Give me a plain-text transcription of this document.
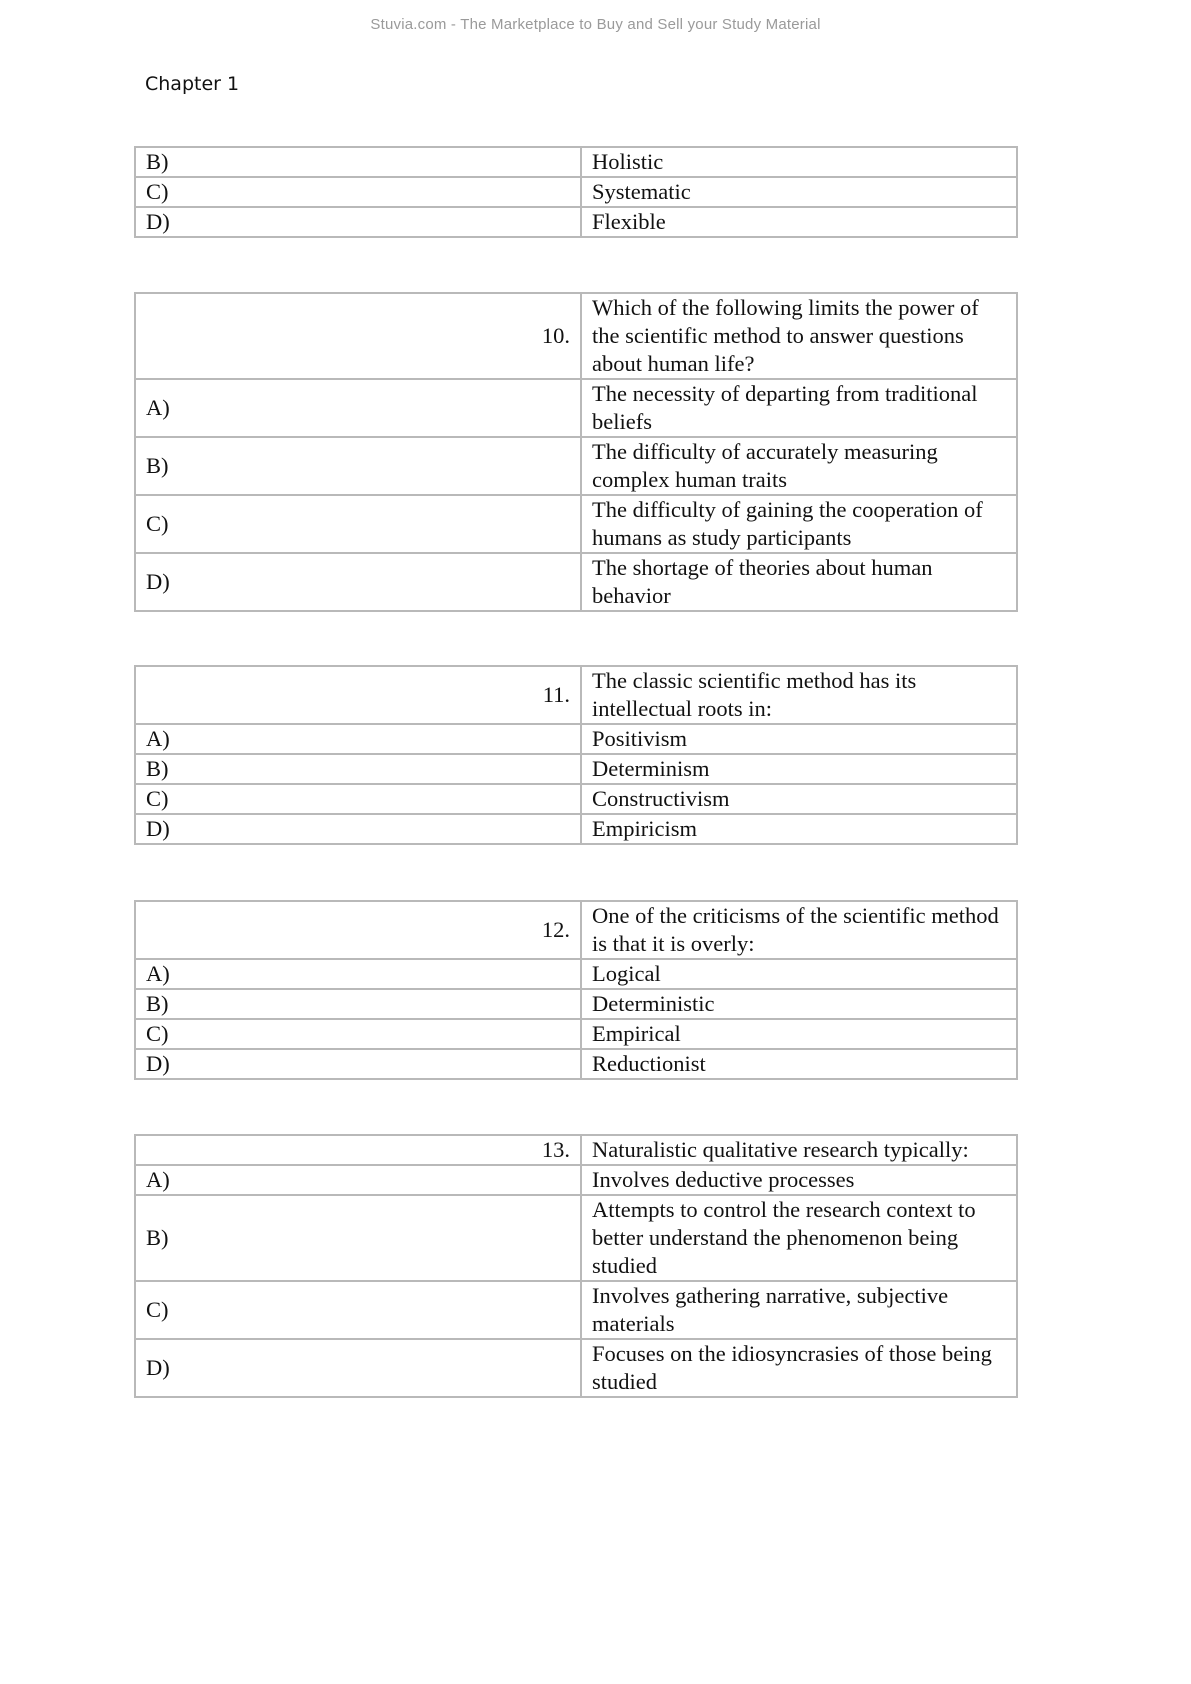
Stuvia.com - The Marketplace to Buy and Sell your Study Material
Chapter 1
B)	Holistic
C)	Systematic
D)	Flexible
10.	Which of the following limits the power of the scientific method to answer questions about human life?
A)	The necessity of departing from traditional beliefs
B)	The difficulty of accurately measuring complex human traits
C)	The difficulty of gaining the cooperation of humans as study participants
D)	The shortage of theories about human behavior
11.	The classic scientific method has its intellectual roots in:
A)	Positivism
B)	Determinism
C)	Constructivism
D)	Empiricism
12.	One of the criticisms of the scientific method is that it is overly:
A)	Logical
B)	Deterministic
C)	Empirical
D)	Reductionist
13.	Naturalistic qualitative research typically:
A)	Involves deductive processes
B)	Attempts to control the research context to better understand the phenomenon being studied
C)	Involves gathering narrative, subjective materials
D)	Focuses on the idiosyncrasies of those being studied
